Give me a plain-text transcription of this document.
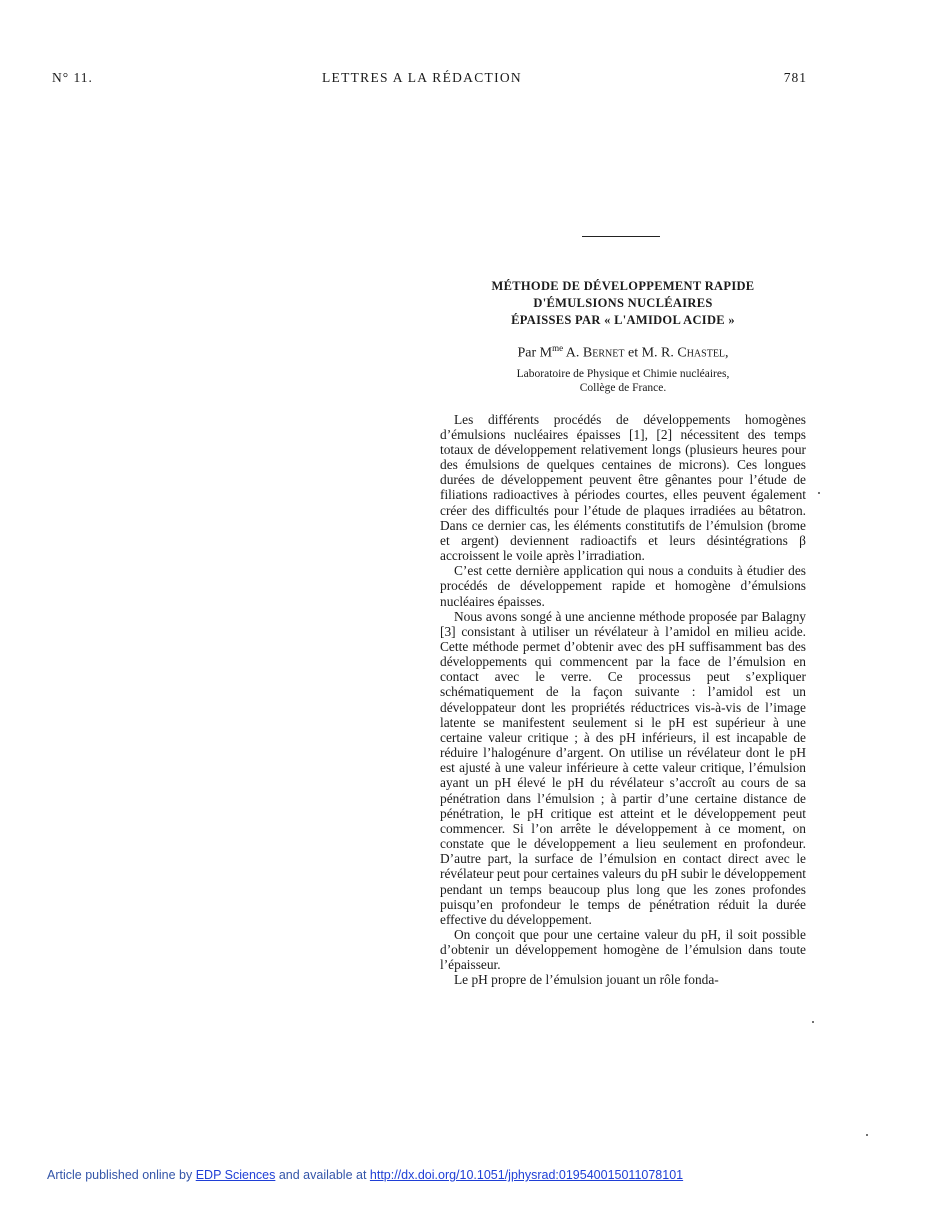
N° 11.	LETTRES A LA RÉDACTION	781
MÉTHODE DE DÉVELOPPEMENT RAPIDE
D'ÉMULSIONS NUCLÉAIRES
ÉPAISSES PAR « L'AMIDOL ACIDE »
Par $M^{me}$ A. Bernet et M. R. Chastel,
Laboratoire de Physique et Chimie nucléaires,
Collège de France.

Les différents procédés de développements homogènes d’émulsions nucléaires épaisses [1], [2] nécessitent des temps totaux de développement relativement longs (plusieurs heures pour des émulsions de quelques centaines de microns). Ces longues durées de développement peuvent être gênantes pour l’étude de filiations radioactives à périodes courtes, elles peuvent également créer des difficultés pour l’étude de plaques irradiées au bêtatron. Dans ce dernier cas, les éléments constitutifs de l’émulsion (brome et argent) deviennent radioactifs et leurs désintégrations β accroissent le voile après l’irradiation.

C’est cette dernière application qui nous a conduits à étudier des procédés de développement rapide et homogène d’émulsions nucléaires épaisses.

Nous avons songé à une ancienne méthode proposée par Balagny [3] consistant à utiliser un révélateur à l’amidol en milieu acide. Cette méthode permet d’obtenir avec des pH suffisamment bas des développements qui commencent par la face de l’émulsion en contact avec le verre. Ce processus peut s’expliquer schématiquement de la façon suivante : l’amidol est un développateur dont les propriétés réductrices vis-à-vis de l’image latente se manifestent seulement si le pH est supérieur à une certaine valeur critique ; à des pH inférieurs, il est incapable de réduire l’halogénure d’argent. On utilise un révélateur dont le pH est ajusté à une valeur inférieure à cette valeur critique, l’émulsion ayant un pH élevé le pH du révélateur s’accroît au cours de sa pénétration dans l’émulsion ; à partir d’une certaine distance de pénétration, le pH critique est atteint et le développement peut commencer. Si l’on arrête le développement à ce moment, on constate que le développement a lieu seulement en profondeur. D’autre part, la surface de l’émulsion en contact direct avec le révélateur peut pour certaines valeurs du pH subir le développement pendant un temps beaucoup plus long que les zones profondes puisqu’en profondeur le temps de pénétration réduit la durée effective du développement.

On conçoit que pour une certaine valeur du pH, il soit possible d’obtenir un développement homogène de l’émulsion dans toute l’épaisseur.

Le pH propre de l’émulsion jouant un rôle fonda-

Article published online by EDP Sciences and available at http://dx.doi.org/10.1051/jphysrad:019540015011078101
